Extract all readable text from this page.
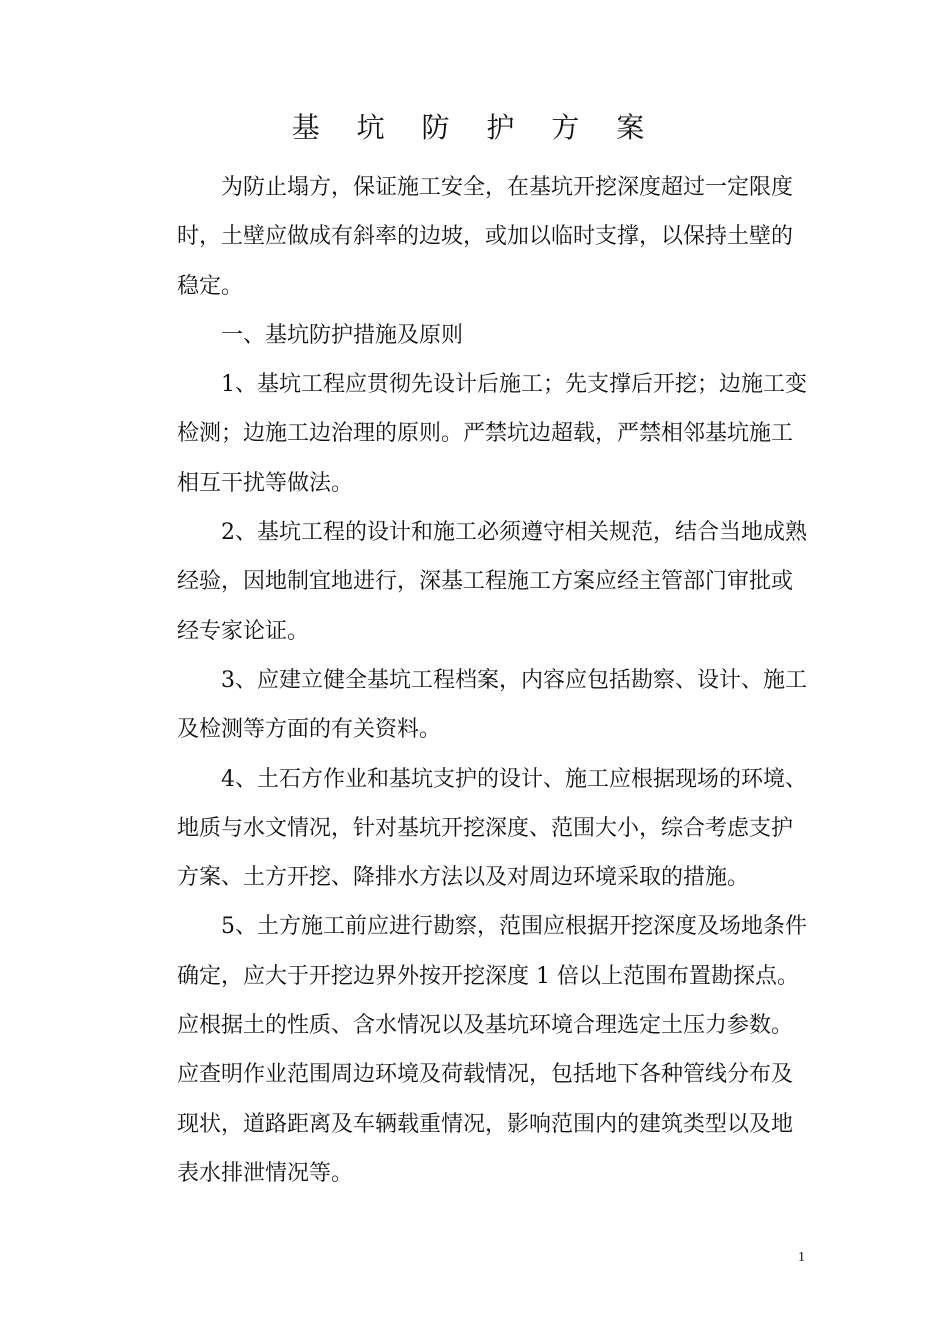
基 坑 防 护 方 案

为防止塌方，保证施工安全，在基坑开挖深度超过一定限度
时，土壁应做成有斜率的边坡，或加以临时支撑，以保持土壁的
稳定。

一、基坑防护措施及原则

1、基坑工程应贯彻先设计后施工；先支撑后开挖；边施工变
检测；边施工边治理的原则。严禁坑边超载，严禁相邻基坑施工
相互干扰等做法。

2、基坑工程的设计和施工必须遵守相关规范，结合当地成熟
经验，因地制宜地进行，深基工程施工方案应经主管部门审批或
经专家论证。

3、应建立健全基坑工程档案，内容应包括勘察、设计、施工
及检测等方面的有关资料。

4、土石方作业和基坑支护的设计、施工应根据现场的环境、
地质与水文情况，针对基坑开挖深度、范围大小，综合考虑支护
方案、土方开挖、降排水方法以及对周边环境采取的措施。

5、土方施工前应进行勘察，范围应根据开挖深度及场地条件
确定，应大于开挖边界外按开挖深度 1 倍以上范围布置勘探点。
应根据土的性质、含水情况以及基坑环境合理选定土压力参数。
应查明作业范围周边环境及荷载情况，包括地下各种管线分布及
现状，道路距离及车辆载重情况，影响范围内的建筑类型以及地
表水排泄情况等。

1
